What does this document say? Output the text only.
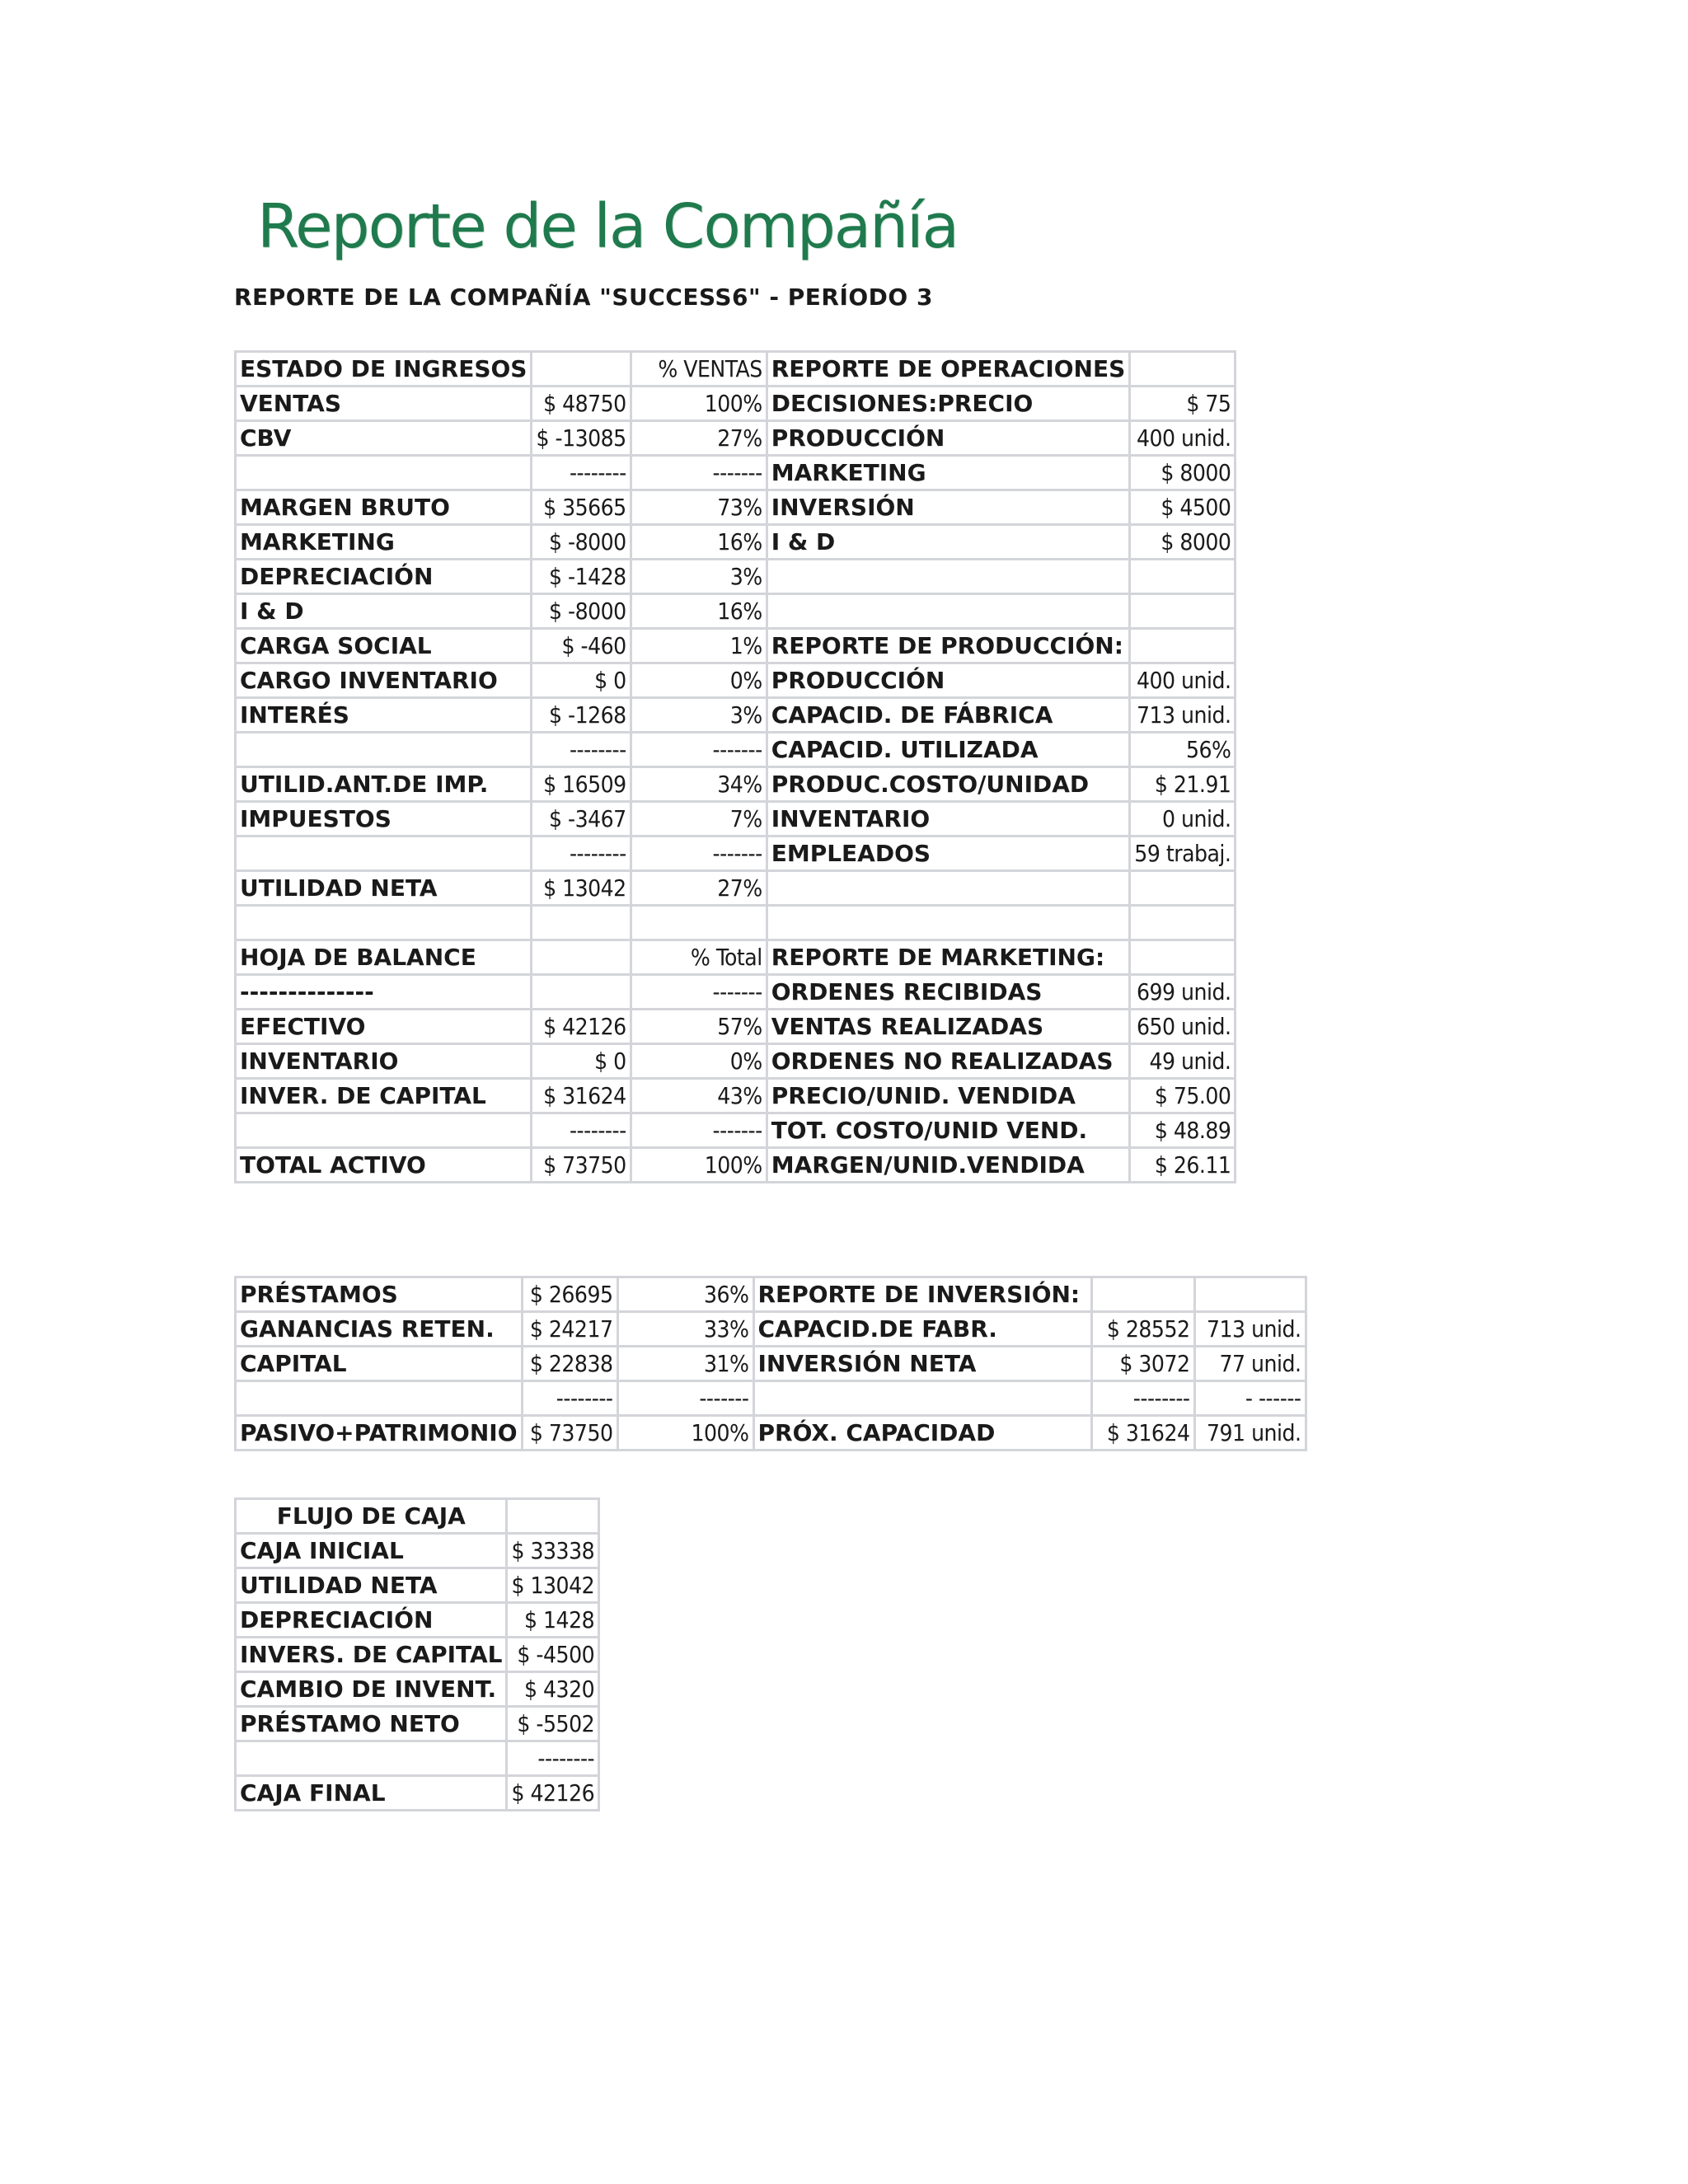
Reporte de la Compañía
REPORTE DE LA COMPAÑÍA "SUCCESS6" - PERÍODO 3
ESTADO DE INGRESOS		% VENTAS	REPORTE DE OPERACIONES	
VENTAS	$ 48750	100%	DECISIONES:PRECIO	$ 75
CBV	$ -13085	27%	PRODUCCIÓN	400 unid.
	--------	-------	MARKETING	$ 8000
MARGEN BRUTO	$ 35665	73%	INVERSIÓN	$ 4500
MARKETING	$ -8000	16%	I & D	$ 8000
DEPRECIACIÓN	$ -1428	3%		
I & D	$ -8000	16%		
CARGA SOCIAL	$ -460	1%	REPORTE DE PRODUCCIÓN:	
CARGO INVENTARIO	$ 0	0%	PRODUCCIÓN	400 unid.
INTERÉS	$ -1268	3%	CAPACID. DE FÁBRICA	713 unid.
	--------	-------	CAPACID. UTILIZADA	56%
UTILID.ANT.DE IMP.	$ 16509	34%	PRODUC.COSTO/UNIDAD	$ 21.91
IMPUESTOS	$ -3467	7%	INVENTARIO	0 unid.
	--------	-------	EMPLEADOS	59 trabaj.
UTILIDAD NETA	$ 13042	27%		

HOJA DE BALANCE		% Total	REPORTE DE MARKETING:	
--------------		-------	ORDENES RECIBIDAS	699 unid.
EFECTIVO	$ 42126	57%	VENTAS REALIZADAS	650 unid.
INVENTARIO	$ 0	0%	ORDENES NO REALIZADAS	49 unid.
INVER. DE CAPITAL	$ 31624	43%	PRECIO/UNID. VENDIDA	$ 75.00
	--------	-------	TOT. COSTO/UNID VEND.	$ 48.89
TOTAL ACTIVO	$ 73750	100%	MARGEN/UNID.VENDIDA	$ 26.11
PRÉSTAMOS	$ 26695	36%	REPORTE DE INVERSIÓN:		
GANANCIAS RETEN.	$ 24217	33%	CAPACID.DE FABR.	$ 28552	713 unid.
CAPITAL	$ 22838	31%	INVERSIÓN NETA	$ 3072	77 unid.
	--------	-------		--------	- ------
PASIVO+PATRIMONIO	$ 73750	100%	PRÓX. CAPACIDAD	$ 31624	791 unid.
FLUJO DE CAJA	
CAJA INICIAL	$ 33338
UTILIDAD NETA	$ 13042
DEPRECIACIÓN	$ 1428
INVERS. DE CAPITAL	$ -4500
CAMBIO DE INVENT.	$ 4320
PRÉSTAMO NETO	$ -5502
	--------
CAJA FINAL	$ 42126
